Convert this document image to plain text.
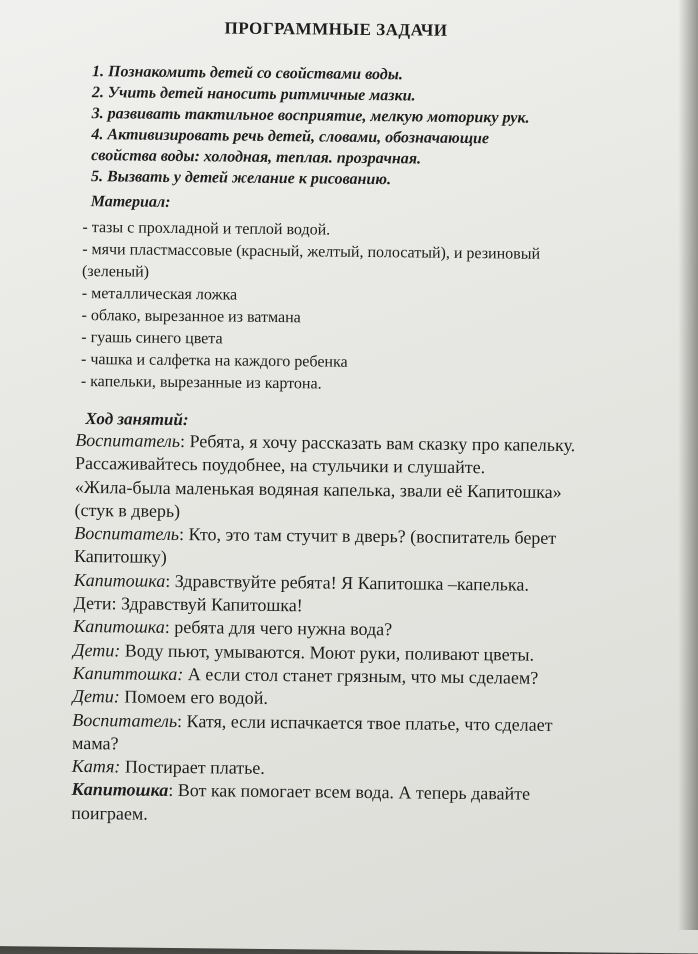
ПРОГРАММНЫЕ ЗАДАЧИ
1. Познакомить детей со свойствами воды.
2. Учить детей наносить ритмичные мазки.
3. развивать тактильное восприятие, мелкую моторику рук.
4. Активизировать речь детей, словами, обозначающие
свойства воды: холодная, теплая. прозрачная.
5. Вызвать у детей желание к рисованию.
Материал:
- тазы с прохладной и теплой водой.
- мячи пластмассовые (красный, желтый, полосатый), и резиновый
(зеленый)
- металлическая ложка
- облако, вырезанное из ватмана
- гуашь синего цвета
- чашка и салфетка на каждого ребенка
- капельки, вырезанные из картона.
Ход занятий:
Воспитатель: Ребята, я хочу рассказать вам сказку про капельку.
Рассаживайтесь поудобнее, на стульчики и слушайте.
«Жила-была маленькая водяная капелька, звали её Капитошка»
(стук в дверь)
Воспитатель: Кто, это там стучит в дверь? (воспитатель берет
Капитошку)
Капитошка: Здравствуйте ребята! Я Капитошка –капелька.
Дети: Здравствуй Капитошка!
Капитошка: ребята для чего нужна вода?
Дети: Воду пьют, умываются. Моют руки, поливают цветы.
Капиттошка: А если стол станет грязным, что мы сделаем?
Дети: Помоем его водой.
Воспитатель: Катя, если испачкается твое платье, что сделает
мама?
Катя: Постирает платье.
Капитошка: Вот как помогает всем вода. А теперь давайте
поиграем.
